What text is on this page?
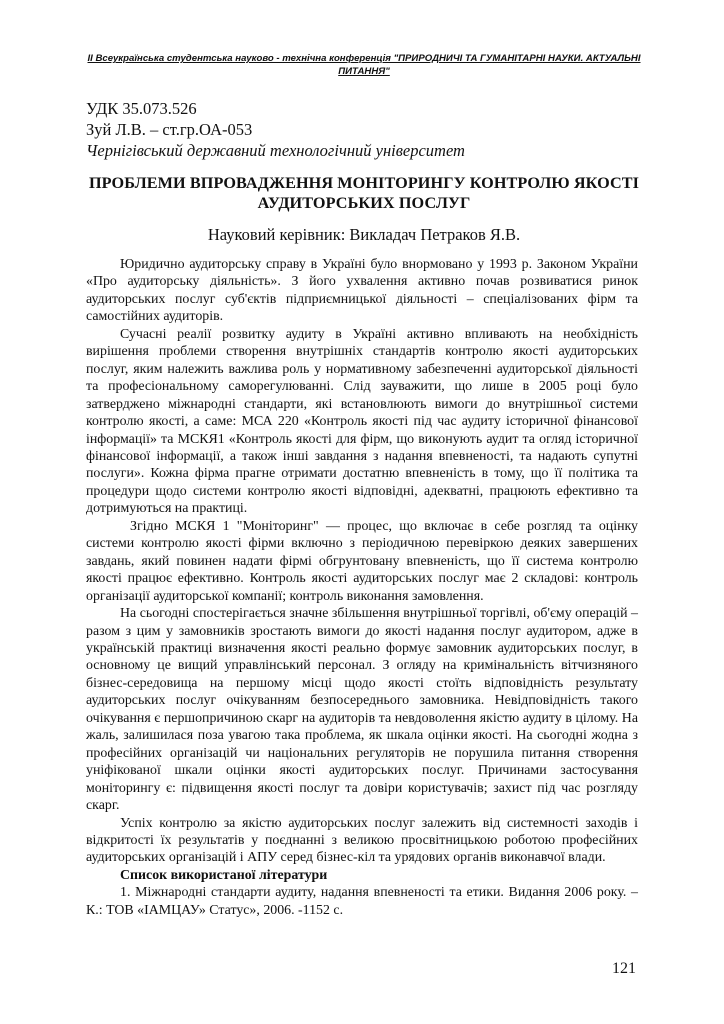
II Всеукраїнська студентська науково - технічна конференція "ПРИРОДНИЧІ ТА ГУМАНІТАРНІ НАУКИ. АКТУАЛЬНІ ПИТАННЯ"
УДК 35.073.526
Зуй Л.В. – ст.гр.ОА-053
Чернігівський державний технологічний університет
ПРОБЛЕМИ ВПРОВАДЖЕННЯ МОНІТОРИНГУ КОНТРОЛЮ ЯКОСТІ АУДИТОРСЬКИХ ПОСЛУГ
Науковий керівник: Викладач Петраков Я.В.

Юридично аудиторську справу в Україні було внормовано у 1993 р. Законом України «Про аудиторську діяльність». З його ухвалення активно почав розвиватися ринок аудиторських послуг суб'єктів підприємницької діяльності – спеціалізованих фірм та самостійних аудиторів.

Сучасні реалії розвитку аудиту в Україні активно впливають на необхідність вирішення проблеми створення внутрішніх стандартів контролю якості аудиторських послуг, яким належить важлива роль у нормативному забезпеченні аудиторської діяльності та професіональному саморегулюванні. Слід зауважити, що лише в 2005 році було затверджено міжнародні стандарти, які встановлюють вимоги до внутрішньої системи контролю якості, а саме: МСА 220 «Контроль якості під час аудиту історичної фінансової інформації» та МСКЯ1 «Контроль якості для фірм, що виконують аудит та огляд історичної фінансової інформації, а також інші завдання з надання впевненості, та надають супутні послуги». Кожна фірма прагне отримати достатню впевненість в тому, що її політика та процедури щодо системи контролю якості відповідні, адекватні, працюють ефективно та дотримуються на практиці.

Згідно МСКЯ 1 "Моніторинг" — процес, що включає в себе розгляд та оцінку системи контролю якості фірми включно з періодичною перевіркою деяких завершених завдань, який повинен надати фірмі обгрунтовану впевненість, що її система контролю якості працює ефективно. Контроль якості аудиторських послуг має 2 складові: контроль організації аудиторської компанії; контроль виконання замовлення.

На сьогодні спостерігається значне збільшення внутрішньої торгівлі, об'єму операцій – разом з цим у замовників зростають вимоги до якості надання послуг аудитором, адже в українській практиці визначення якості реально формує замовник аудиторських послуг, в основному це вищий управлінський персонал. З огляду на кримінальність вітчизняного бізнес-середовища на першому місці щодо якості стоїть відповідність результату аудиторських послуг очікуванням безпосереднього замовника. Невідповідність такого очікування є першопричиною скарг на аудиторів та невдоволення якістю аудиту в цілому. На жаль, залишилася поза увагою така проблема, як шкала оцінки якості. На сьогодні жодна з професійних організацій чи національних регуляторів не порушила питання створення уніфікованої шкали оцінки якості аудиторських послуг. Причинами застосування моніторингу є: підвищення якості послуг та довіри користувачів; захист під час розгляду скарг.

Успіх контролю за якістю аудиторських послуг залежить від системності заходів і відкритості їх результатів у поєднанні з великою просвітницькою роботою професійних аудиторських організацій і АПУ серед бізнес-кіл та урядових органів виконавчої влади.

Список використаної літератури

1. Міжнародні стандарти аудиту, надання впевненості та етики. Видання 2006 року. – К.: ТОВ «ІАМЦАУ» Статус», 2006. -1152 с.

121
